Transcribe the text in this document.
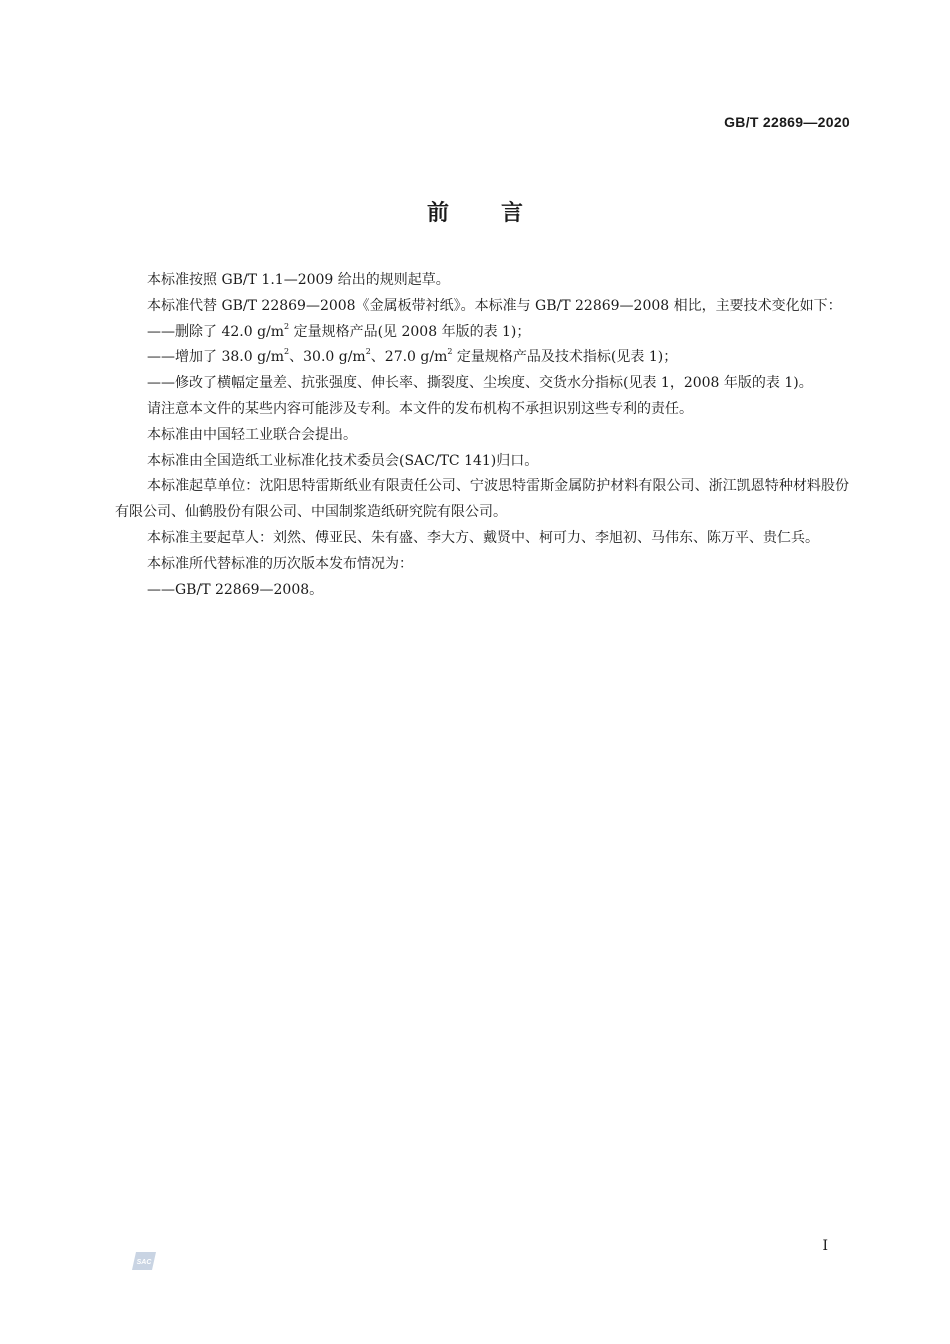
GB/T 22869—2020
前言

本标准按照 GB/T 1.1—2009 给出的规则起草。

本标准代替 GB/T 22869—2008《金属板带衬纸》。本标准与 GB/T 22869—2008 相比，主要技术变化如下：

——删除了 42.0 $g/m^2$ 定量规格产品(见 2008 年版的表 1)；

——增加了 38.0 $g/m^2$、30.0 $g/m^2$、27.0 $g/m^2$ 定量规格产品及技术指标(见表 1)；

——修改了横幅定量差、抗张强度、伸长率、撕裂度、尘埃度、交货水分指标(见表 1，2008 年版的表 1)。

请注意本文件的某些内容可能涉及专利。本文件的发布机构不承担识别这些专利的责任。

本标准由中国轻工业联合会提出。

本标准由全国造纸工业标准化技术委员会(SAC/TC 141)归口。

本标准起草单位：沈阳思特雷斯纸业有限责任公司、宁波思特雷斯金属防护材料有限公司、浙江凯恩特种材料股份有限公司、仙鹤股份有限公司、中国制浆造纸研究院有限公司。

本标准主要起草人：刘然、傅亚民、朱有盛、李大方、戴贤中、柯可力、李旭初、马伟东、陈万平、贵仁兵。

本标准所代替标准的历次版本发布情况为：

——GB/T 22869—2008。

I
SAC
